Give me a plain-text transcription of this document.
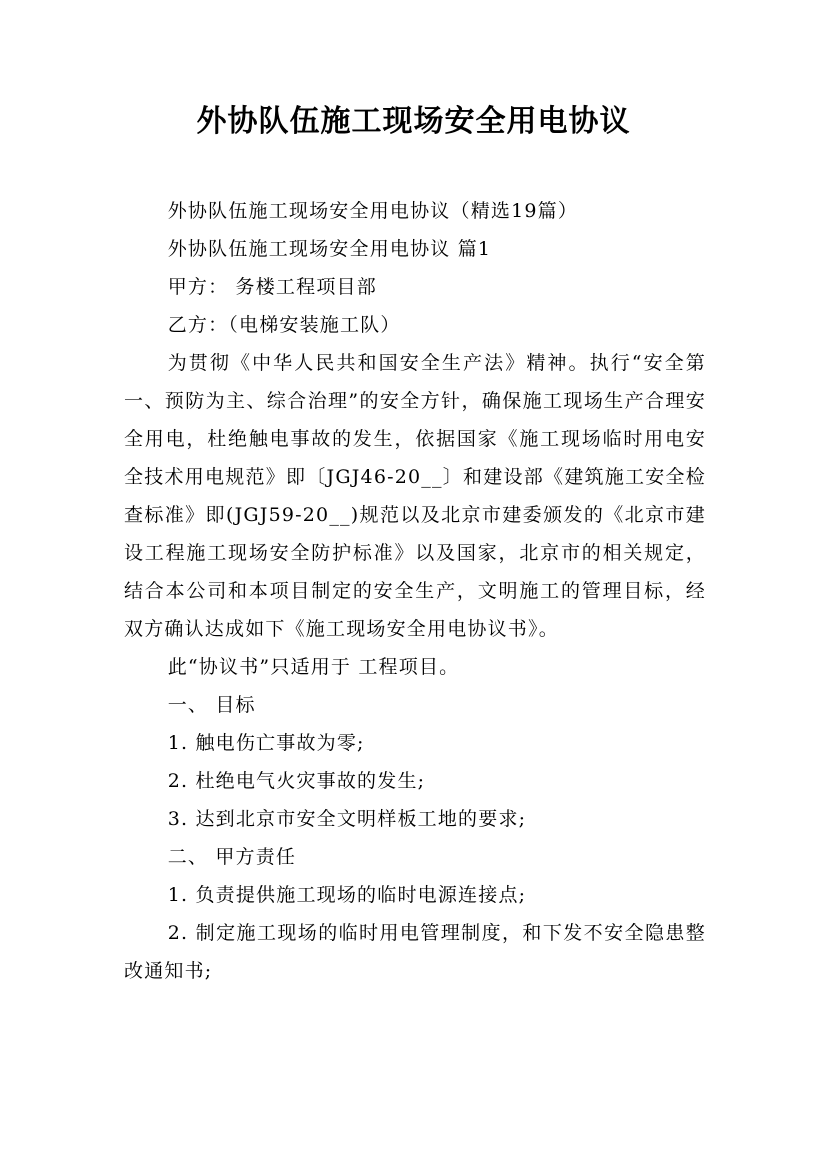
外协队伍施工现场安全用电协议

外协队伍施工现场安全用电协议（精选19篇）

外协队伍施工现场安全用电协议 篇1

甲方： 务楼工程项目部

乙方：（电梯安装施工队）

为贯彻《中华人民共和国安全生产法》精神。执行“安全第一、预防为主、综合治理”的安全方针，确保施工现场生产合理安全用电，杜绝触电事故的发生，依据国家《施工现场临时用电安全技术用电规范》即〔JGJ46-20__〕和建设部《建筑施工安全检查标准》即(JGJ59-20__)规范以及北京市建委颁发的《北京市建设工程施工现场安全防护标准》以及国家，北京市的相关规定，结合本公司和本项目制定的安全生产，文明施工的管理目标，经双方确认达成如下《施工现场安全用电协议书》。

此“协议书”只适用于 工程项目。

一、 目标

1. 触电伤亡事故为零;

2. 杜绝电气火灾事故的发生;

3. 达到北京市安全文明样板工地的要求;

二、 甲方责任

1. 负责提供施工现场的临时电源连接点;

2. 制定施工现场的临时用电管理制度，和下发不安全隐患整改通知书;
